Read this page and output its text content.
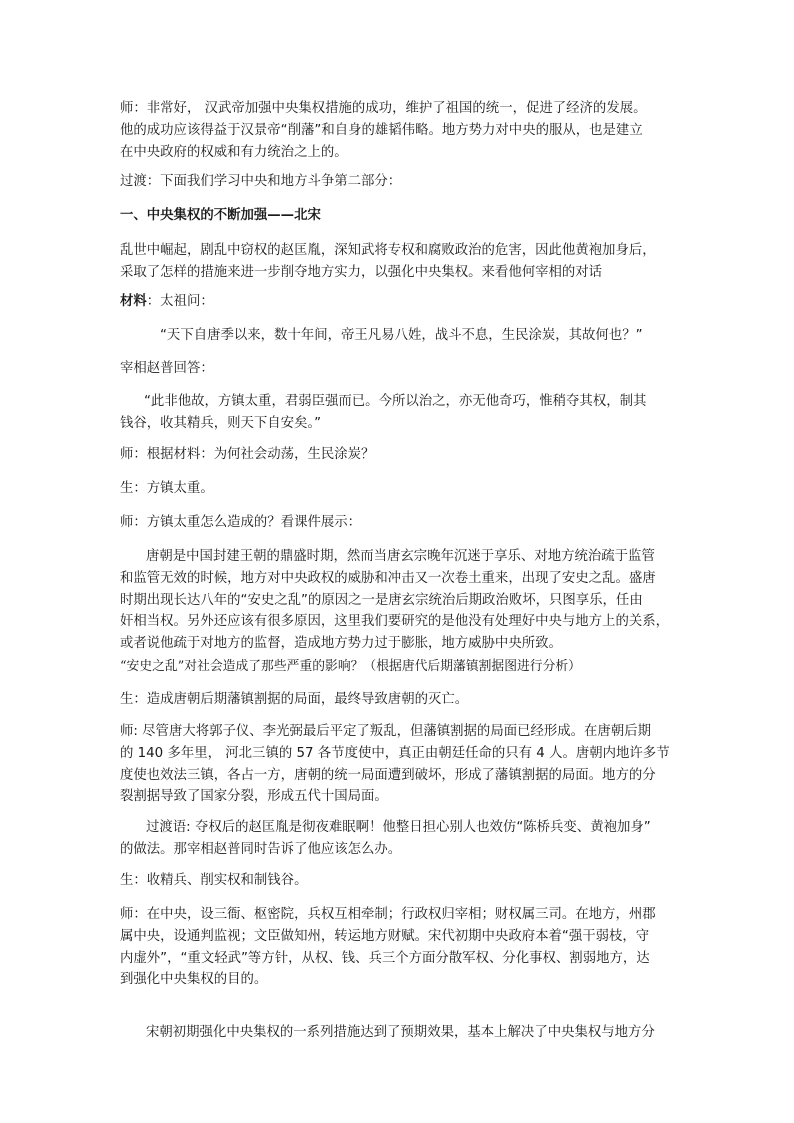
师：非常好， 汉武帝加强中央集权措施的成功，维护了祖国的统一，促进了经济的发展。
他的成功应该得益于汉景帝“削藩”和自身的雄韬伟略。地方势力对中央的服从，也是建立
在中央政府的权威和有力统治之上的。

过渡：下面我们学习中央和地方斗争第二部分：

一、中央集权的不断加强——北宋

乱世中崛起，剧乱中窃权的赵匡胤，深知武将专权和腐败政治的危害，因此他黄袍加身后，
采取了怎样的措施来进一步削夺地方实力，以强化中央集权。来看他何宰相的对话

材料：太祖问：

“天下自唐季以来，数十年间，帝王凡易八姓，战斗不息，生民涂炭，其故何也？”

宰相赵普回答：

“此非他故，方镇太重，君弱臣强而已。今所以治之，亦无他奇巧，惟稍夺其权，制其
钱谷，收其精兵，则天下自安矣。”

师：根据材料：为何社会动荡，生民涂炭？

生：方镇太重。

师：方镇太重怎么造成的？看课件展示：

唐朝是中国封建王朝的鼎盛时期，然而当唐玄宗晚年沉迷于享乐、对地方统治疏于监管
和监管无效的时候，地方对中央政权的威胁和冲击又一次卷土重来，出现了安史之乱。盛唐
时期出现长达八年的“安史之乱”的原因之一是唐玄宗统治后期政治败坏，只图享乐，任由
奸相当权。另外还应该有很多原因，这里我们要研究的是他没有处理好中央与地方上的关系，
或者说他疏于对地方的监督，造成地方势力过于膨胀，地方威胁中央所致。

“安史之乱”对社会造成了那些严重的影响？（根据唐代后期藩镇割据图进行分析）

生：造成唐朝后期藩镇割据的局面，最终导致唐朝的灭亡。

师: 尽管唐大将郭子仪、李光弼最后平定了叛乱，但藩镇割据的局面已经形成。在唐朝后期
的 140 多年里， 河北三镇的 57 各节度使中，真正由朝廷任命的只有 4 人。唐朝内地许多节
度使也效法三镇，各占一方，唐朝的统一局面遭到破坏，形成了藩镇割据的局面。地方的分
裂割据导致了国家分裂，形成五代十国局面。

过渡语: 夺权后的赵匡胤是彻夜难眠啊！他整日担心别人也效仿“陈桥兵变、黄袍加身”
的做法。那宰相赵普同时告诉了他应该怎么办。

生：收精兵、削实权和制钱谷。

师：在中央，设三衙、枢密院，兵权互相牵制；行政权归宰相；财权属三司。在地方，州郡
属中央，设通判监视；文臣做知州，转运地方财赋。宋代初期中央政府本着“强干弱枝，守
内虚外”，“重文轻武”等方针，从权、钱、兵三个方面分散军权、分化事权、割弱地方，达
到强化中央集权的目的。

宋朝初期强化中央集权的一系列措施达到了预期效果，基本上解决了中央集权与地方分
